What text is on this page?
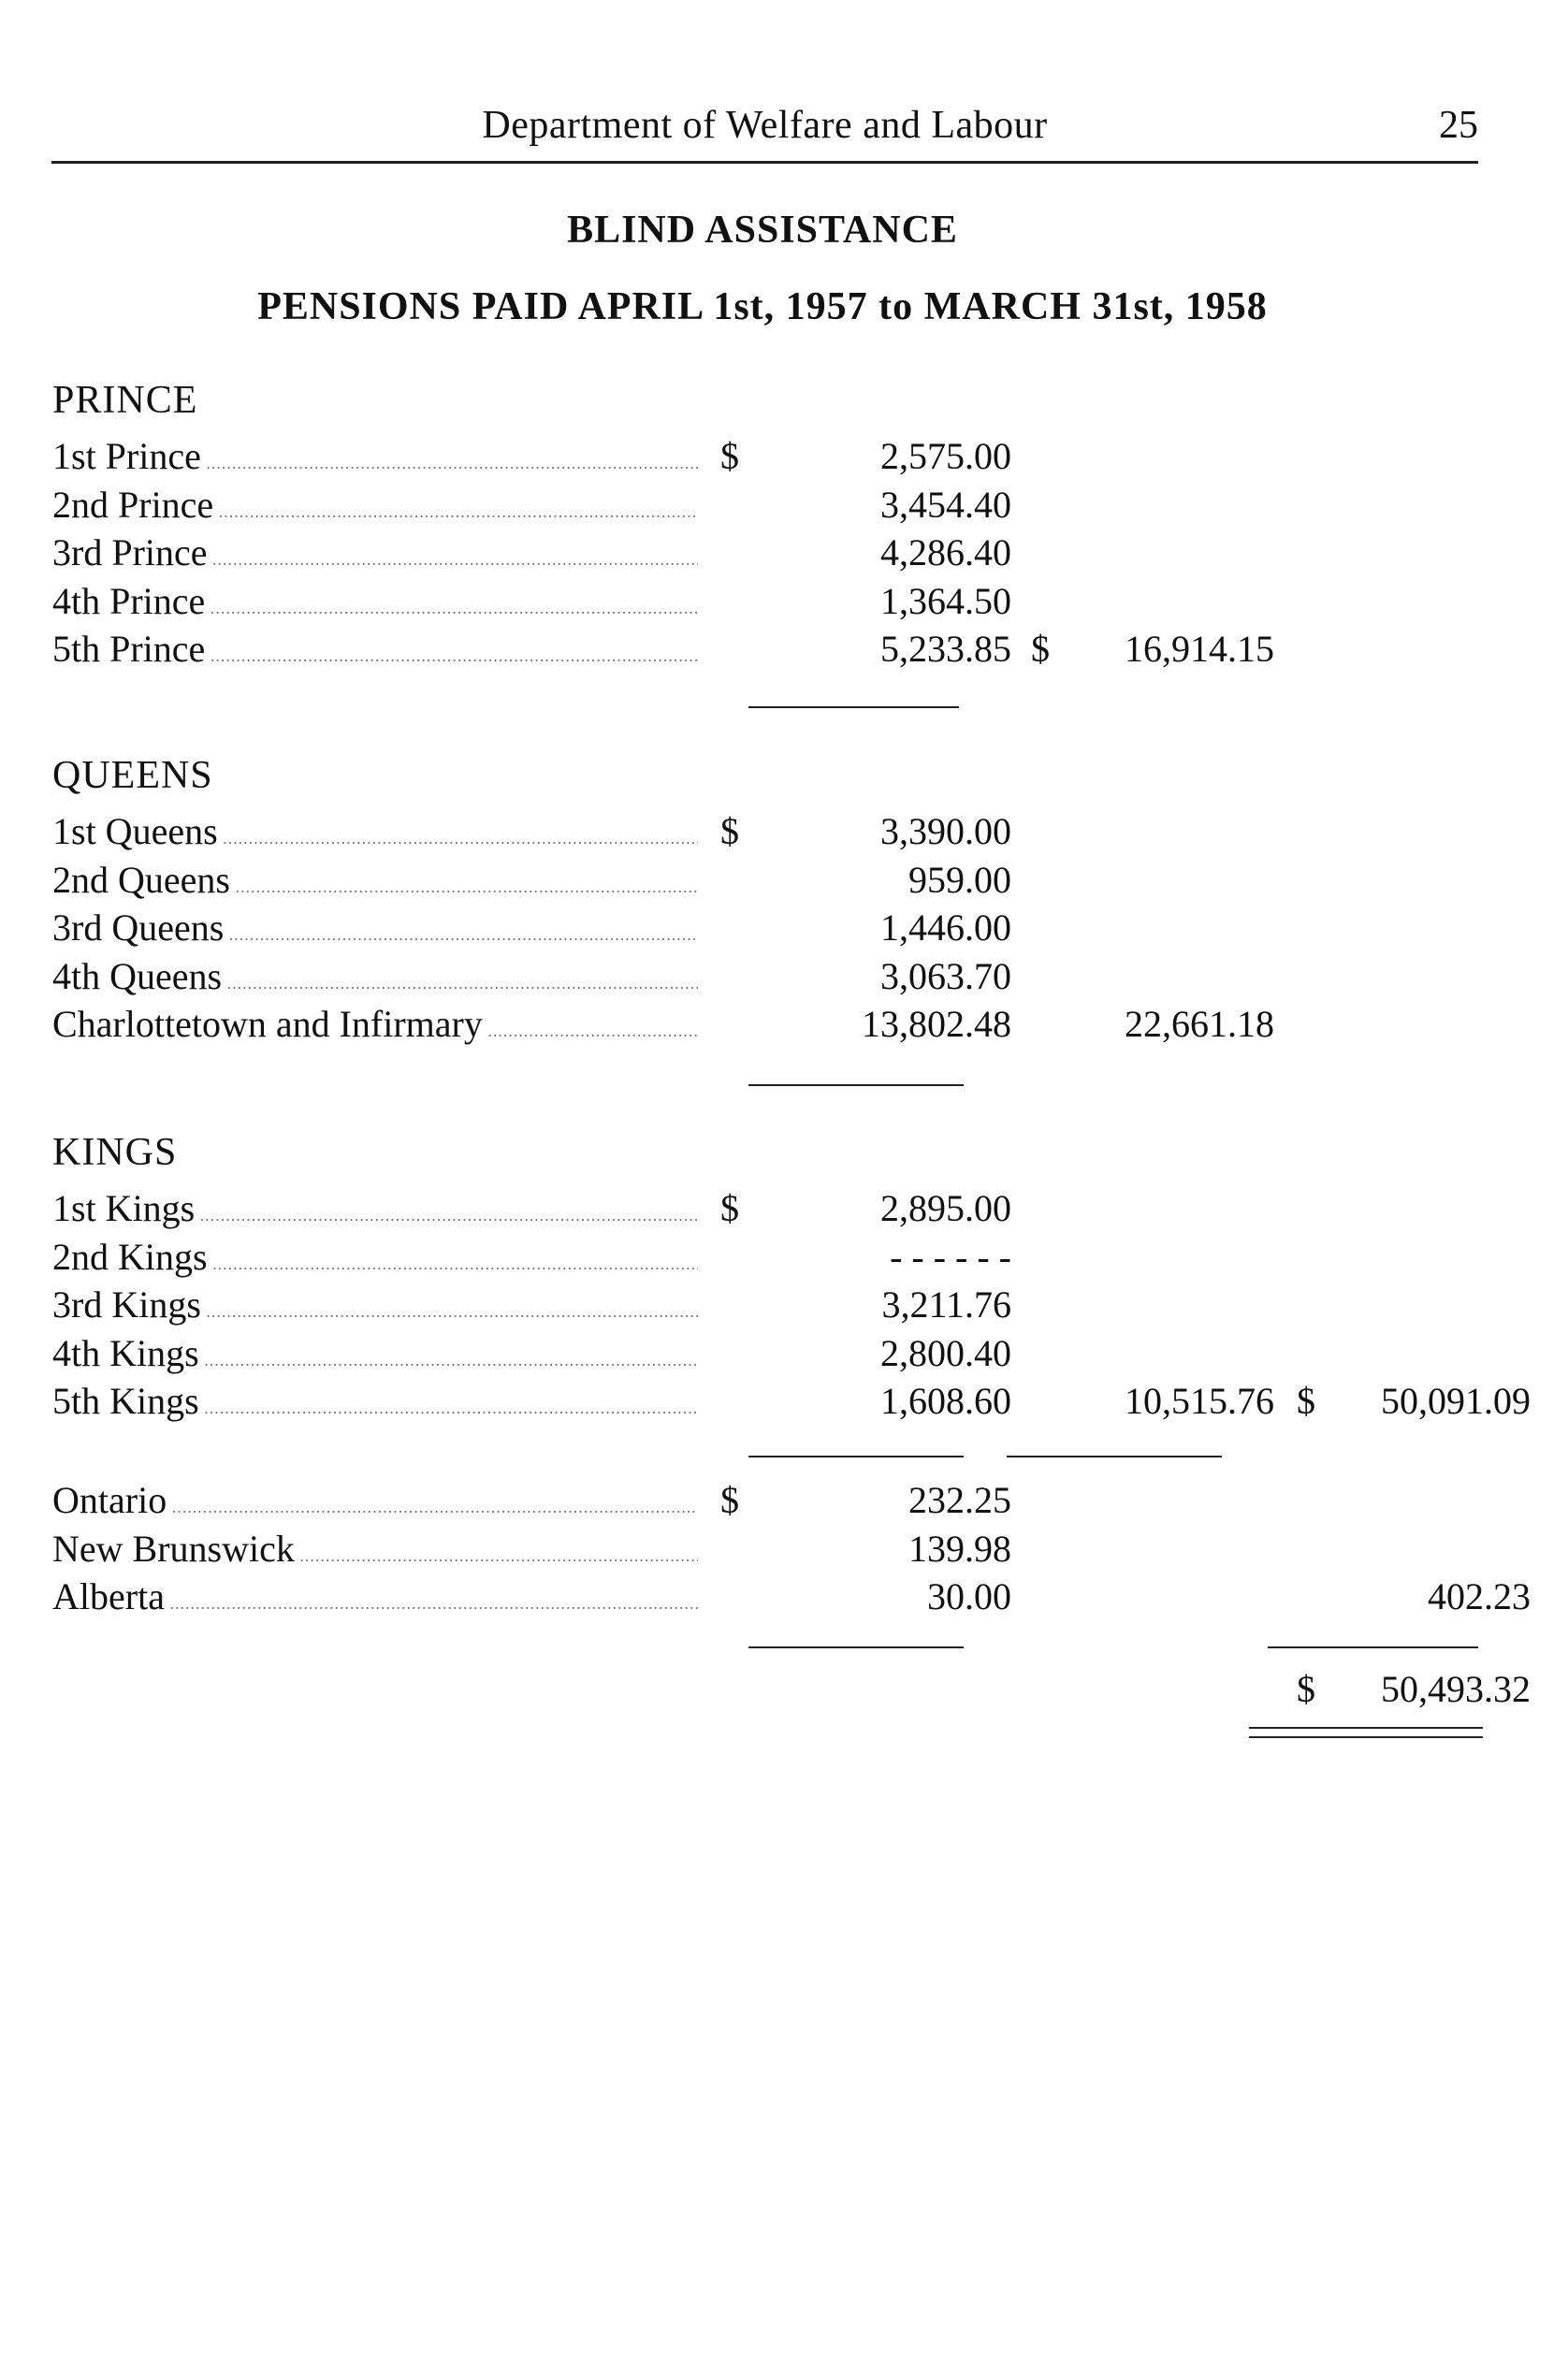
Department of Welfare and Labour	25
BLIND ASSISTANCE
PENSIONS PAID APRIL 1st, 1957 to MARCH 31st, 1958
PRINCE
1st Prince .....	$	2,575.00
2nd Prince .....	3,454.40
3rd Prince .....	4,286.40
4th Prince .....	1,364.50
5th Prince .....	5,233.85 $	16,914.15
QUEENS
1st Queens .....	$	3,390.00
2nd Queens .....	959.00
3rd Queens .....	1,446.00
4th Queens .....	3,063.70
Charlottetown and Infirmary .....	13,802.48	22,661.18
KINGS
1st Kings .....	$	2,895.00
2nd Kings .....	- - - - - -
3rd Kings .....	3,211.76
4th Kings .....	2,800.40
5th Kings .....	1,608.60	10,515.76 $	50,091.09
Ontario .....	$	232.25
New Brunswick .....	139.98
Alberta .....	30.00	402.23
$	50,493.32
